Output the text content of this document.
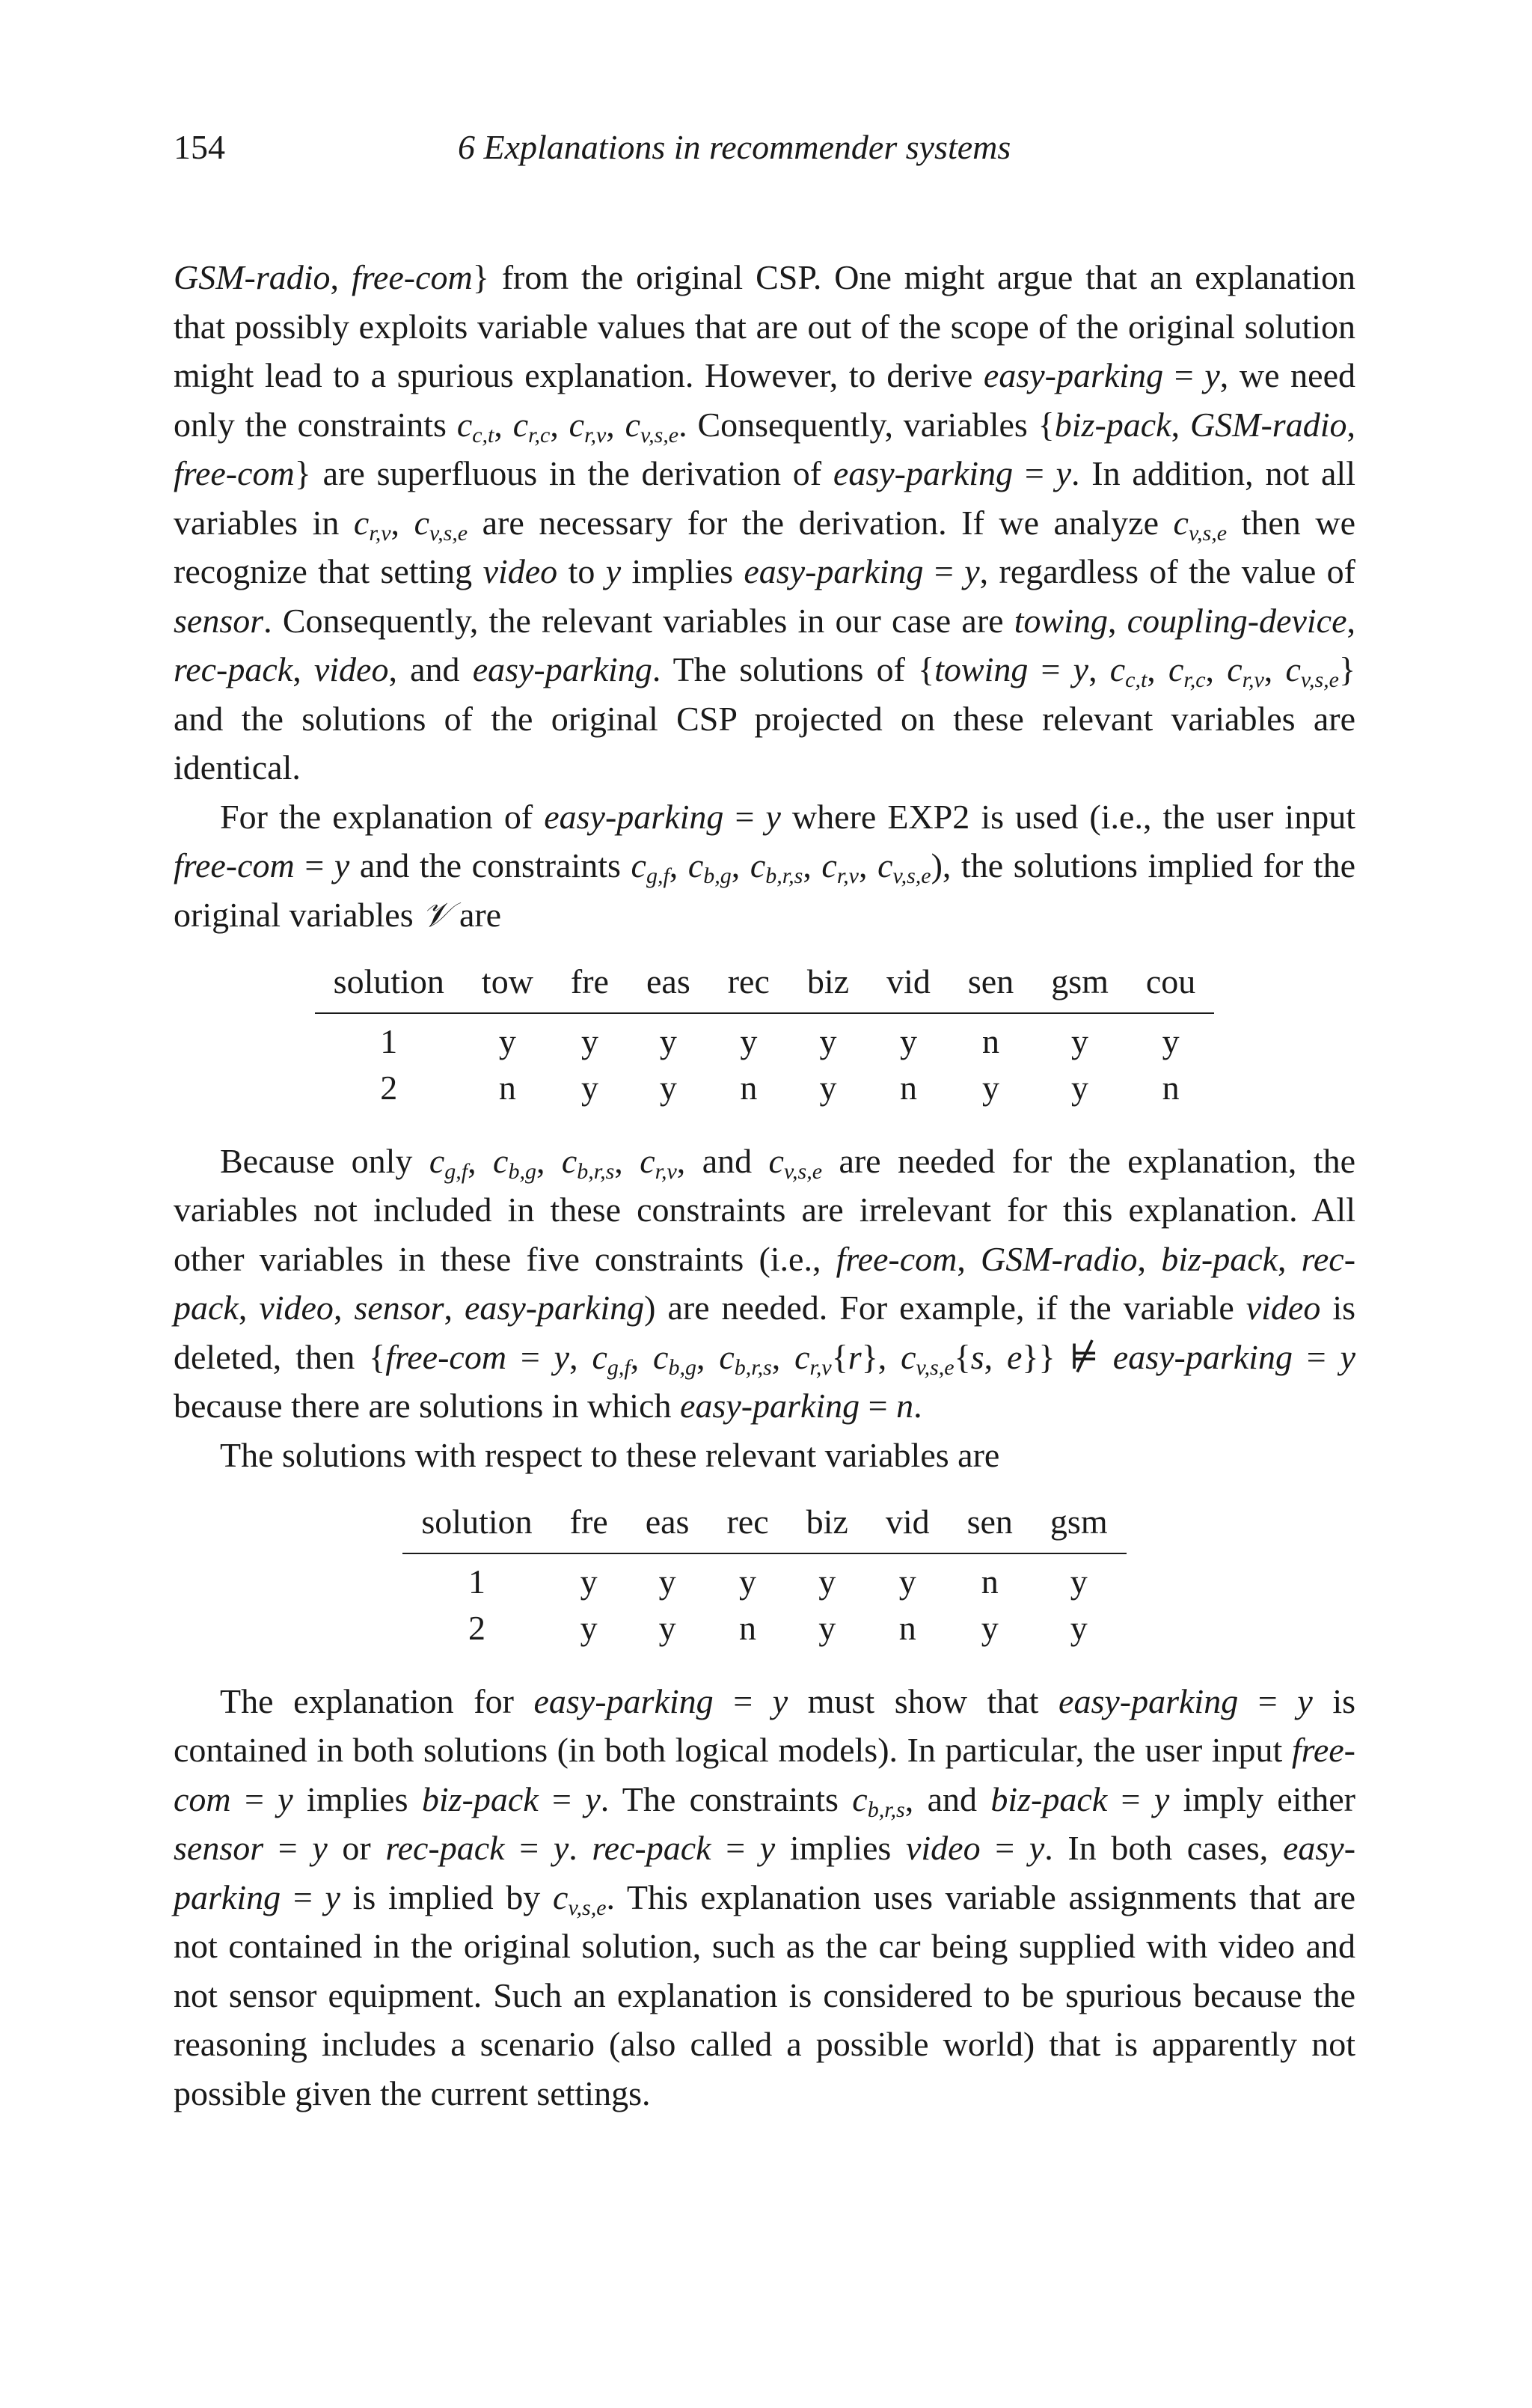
154	6 Explanations in recommender systems

GSM-radio, free-com} from the original CSP. One might argue that an explanation that possibly exploits variable values that are out of the scope of the original solution might lead to a spurious explanation. However, to derive easy-parking = y, we need only the constraints $c_{c,t}$, $c_{r,c}$, $c_{r,v}$, $c_{v,s,e}$. Consequently, variables {biz-pack, GSM-radio, free-com} are superfluous in the derivation of easy-parking = y. In addition, not all variables in $c_{r,v}$, $c_{v,s,e}$ are necessary for the derivation. If we analyze $c_{v,s,e}$ then we recognize that setting video to y implies easy-parking = y, regardless of the value of sensor. Consequently, the relevant variables in our case are towing, coupling-device, rec-pack, video, and easy-parking. The solutions of {towing = y, $c_{c,t}$, $c_{r,c}$, $c_{r,v}$, $c_{v,s,e}$} and the solutions of the original CSP projected on these relevant variables are identical.

For the explanation of easy-parking = y where EXP2 is used (i.e., the user input free-com = y and the constraints $c_{g,f}$, $c_{b,g}$, $c_{b,r,s}$, $c_{r,v}$, $c_{v,s,e}$), the solutions implied for the original variables 𝒱 are

solution	tow	fre	eas	rec	biz	vid	sen	gsm	cou
1	y	y	y	y	y	y	n	y	y
2	n	y	y	n	y	n	y	y	n

Because only $c_{g,f}$, $c_{b,g}$, $c_{b,r,s}$, $c_{r,v}$, and $c_{v,s,e}$ are needed for the explanation, the variables not included in these constraints are irrelevant for this explanation. All other variables in these five constraints (i.e., free-com, GSM-radio, biz-pack, rec-pack, video, sensor, easy-parking) are needed. For example, if the variable video is deleted, then {free-com = y, $c_{g,f}$, $c_{b,g}$, $c_{b,r,s}$, $c_{r,v}\{r\}$, $c_{v,s,e}\{s$, e}} ⊭ easy-parking = y because there are solutions in which easy-parking = n.

The solutions with respect to these relevant variables are

solution	fre	eas	rec	biz	vid	sen	gsm
1	y	y	y	y	y	n	y
2	y	y	n	y	n	y	y

The explanation for easy-parking = y must show that easy-parking = y is contained in both solutions (in both logical models). In particular, the user input free-com = y implies biz-pack = y. The constraints $c_{b,r,s}$, and biz-pack = y imply either sensor = y or rec-pack = y. rec-pack = y implies video = y. In both cases, easy-parking = y is implied by $c_{v,s,e}$. This explanation uses variable assignments that are not contained in the original solution, such as the car being supplied with video and not sensor equipment. Such an explanation is considered to be spurious because the reasoning includes a scenario (also called a possible world) that is apparently not possible given the current settings.
